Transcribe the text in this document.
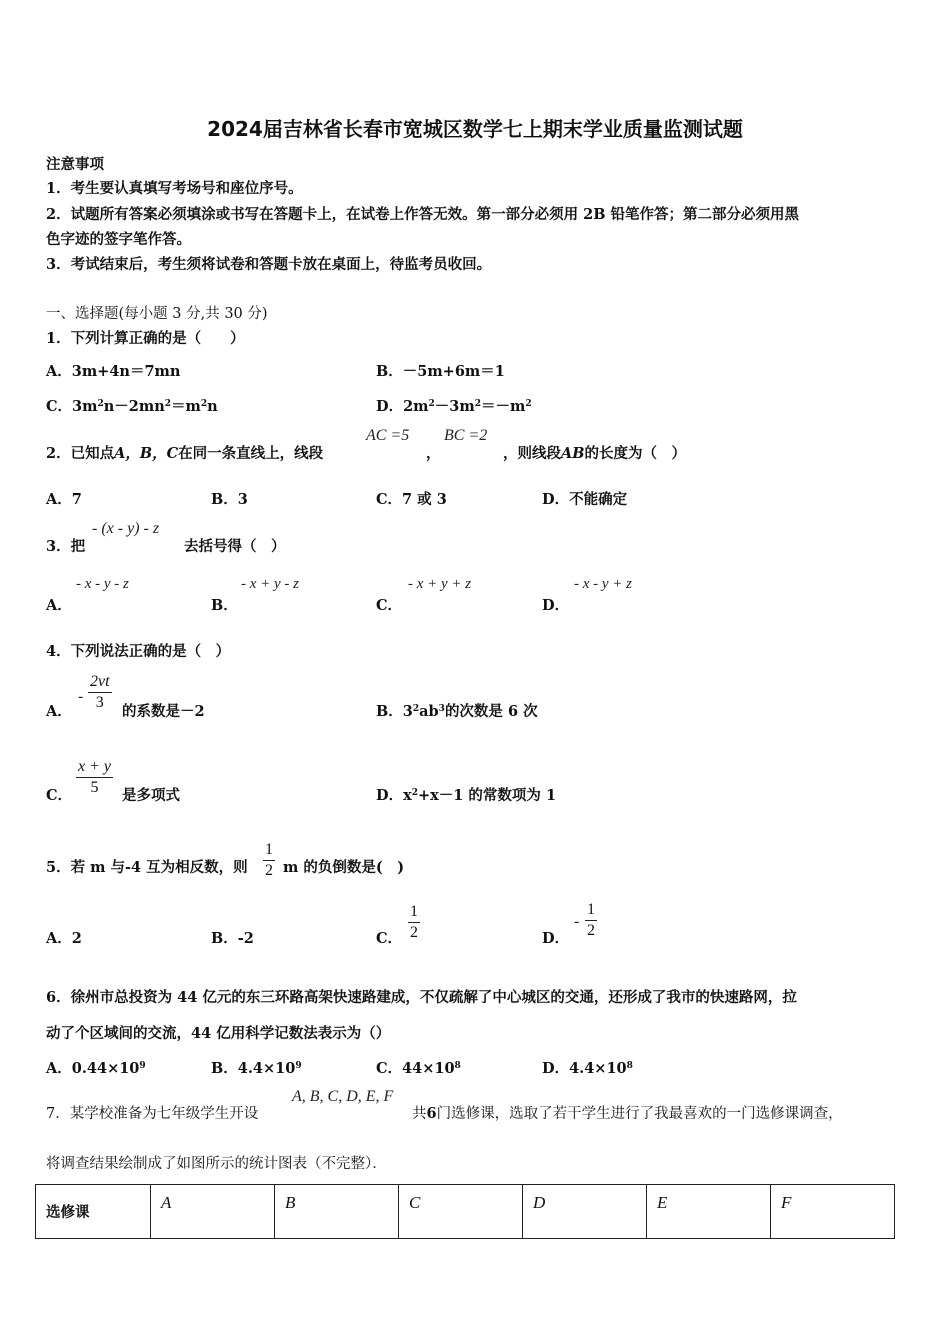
2024届吉林省长春市宽城区数学七上期末学业质量监测试题
注意事项
1．考生要认真填写考场号和座位序号。
2．试题所有答案必须填涂或书写在答题卡上，在试卷上作答无效。第一部分必须用 2B 铅笔作答；第二部分必须用黑
色字迹的签字笔作答。
3．考试结束后，考生须将试卷和答题卡放在桌面上，待监考员收回。
一、选择题(每小题 3 分,共 30 分)
1．下列计算正确的是（　　）
A．3m+4n＝7mn	B．－5m+6m＝1
C．$3m^2n-2mn^2=m^2n$	D．$2m^2-3m^2=-m^2$
2．已知点A，B，C在同一条直线上，线段
AC =5
，
BC =2
，则线段AB的长度为（　）
A．7	B．3	C．7 或 3	D．不能确定
3．把
- (x - y) - z
去括号得（　）
A．
- x - y - z
B．
- x + y - z
C．
- x + y + z
D．
- x - y + z
4．下列说法正确的是（　）
A．
-
2vt
3
的系数是－2	B．$3^2ab^3$的次数是 6 次
C．
x + y
5	是多项式	D．$x^2+x-1$ 的常数项为 1
5．若 m 与-4 互为相反数，则
1
2 m 的负倒数是(　)
A．2	B．-2	C．
1
2	D．
-
1
2
6．徐州市总投资为 44 亿元的东三环路高架快速路建成，不仅疏解了中心城区的交通，还形成了我市的快速路网，拉
动了个区域间的交流，44 亿用科学记数法表示为（）
A．$0.44\times 10^9$	B．$4.4\times 10^9$	C．$44\times 10^8$	D．$4.4\times 10^8$
7．某学校准备为七年级学生开设
A, B, C, D, E, F
共6门选修课，选取了若干学生进行了我最喜欢的一门选修课调查，
将调查结果绘制成了如图所示的统计图表（不完整）．
选修课	A	B	C	D	E	F
